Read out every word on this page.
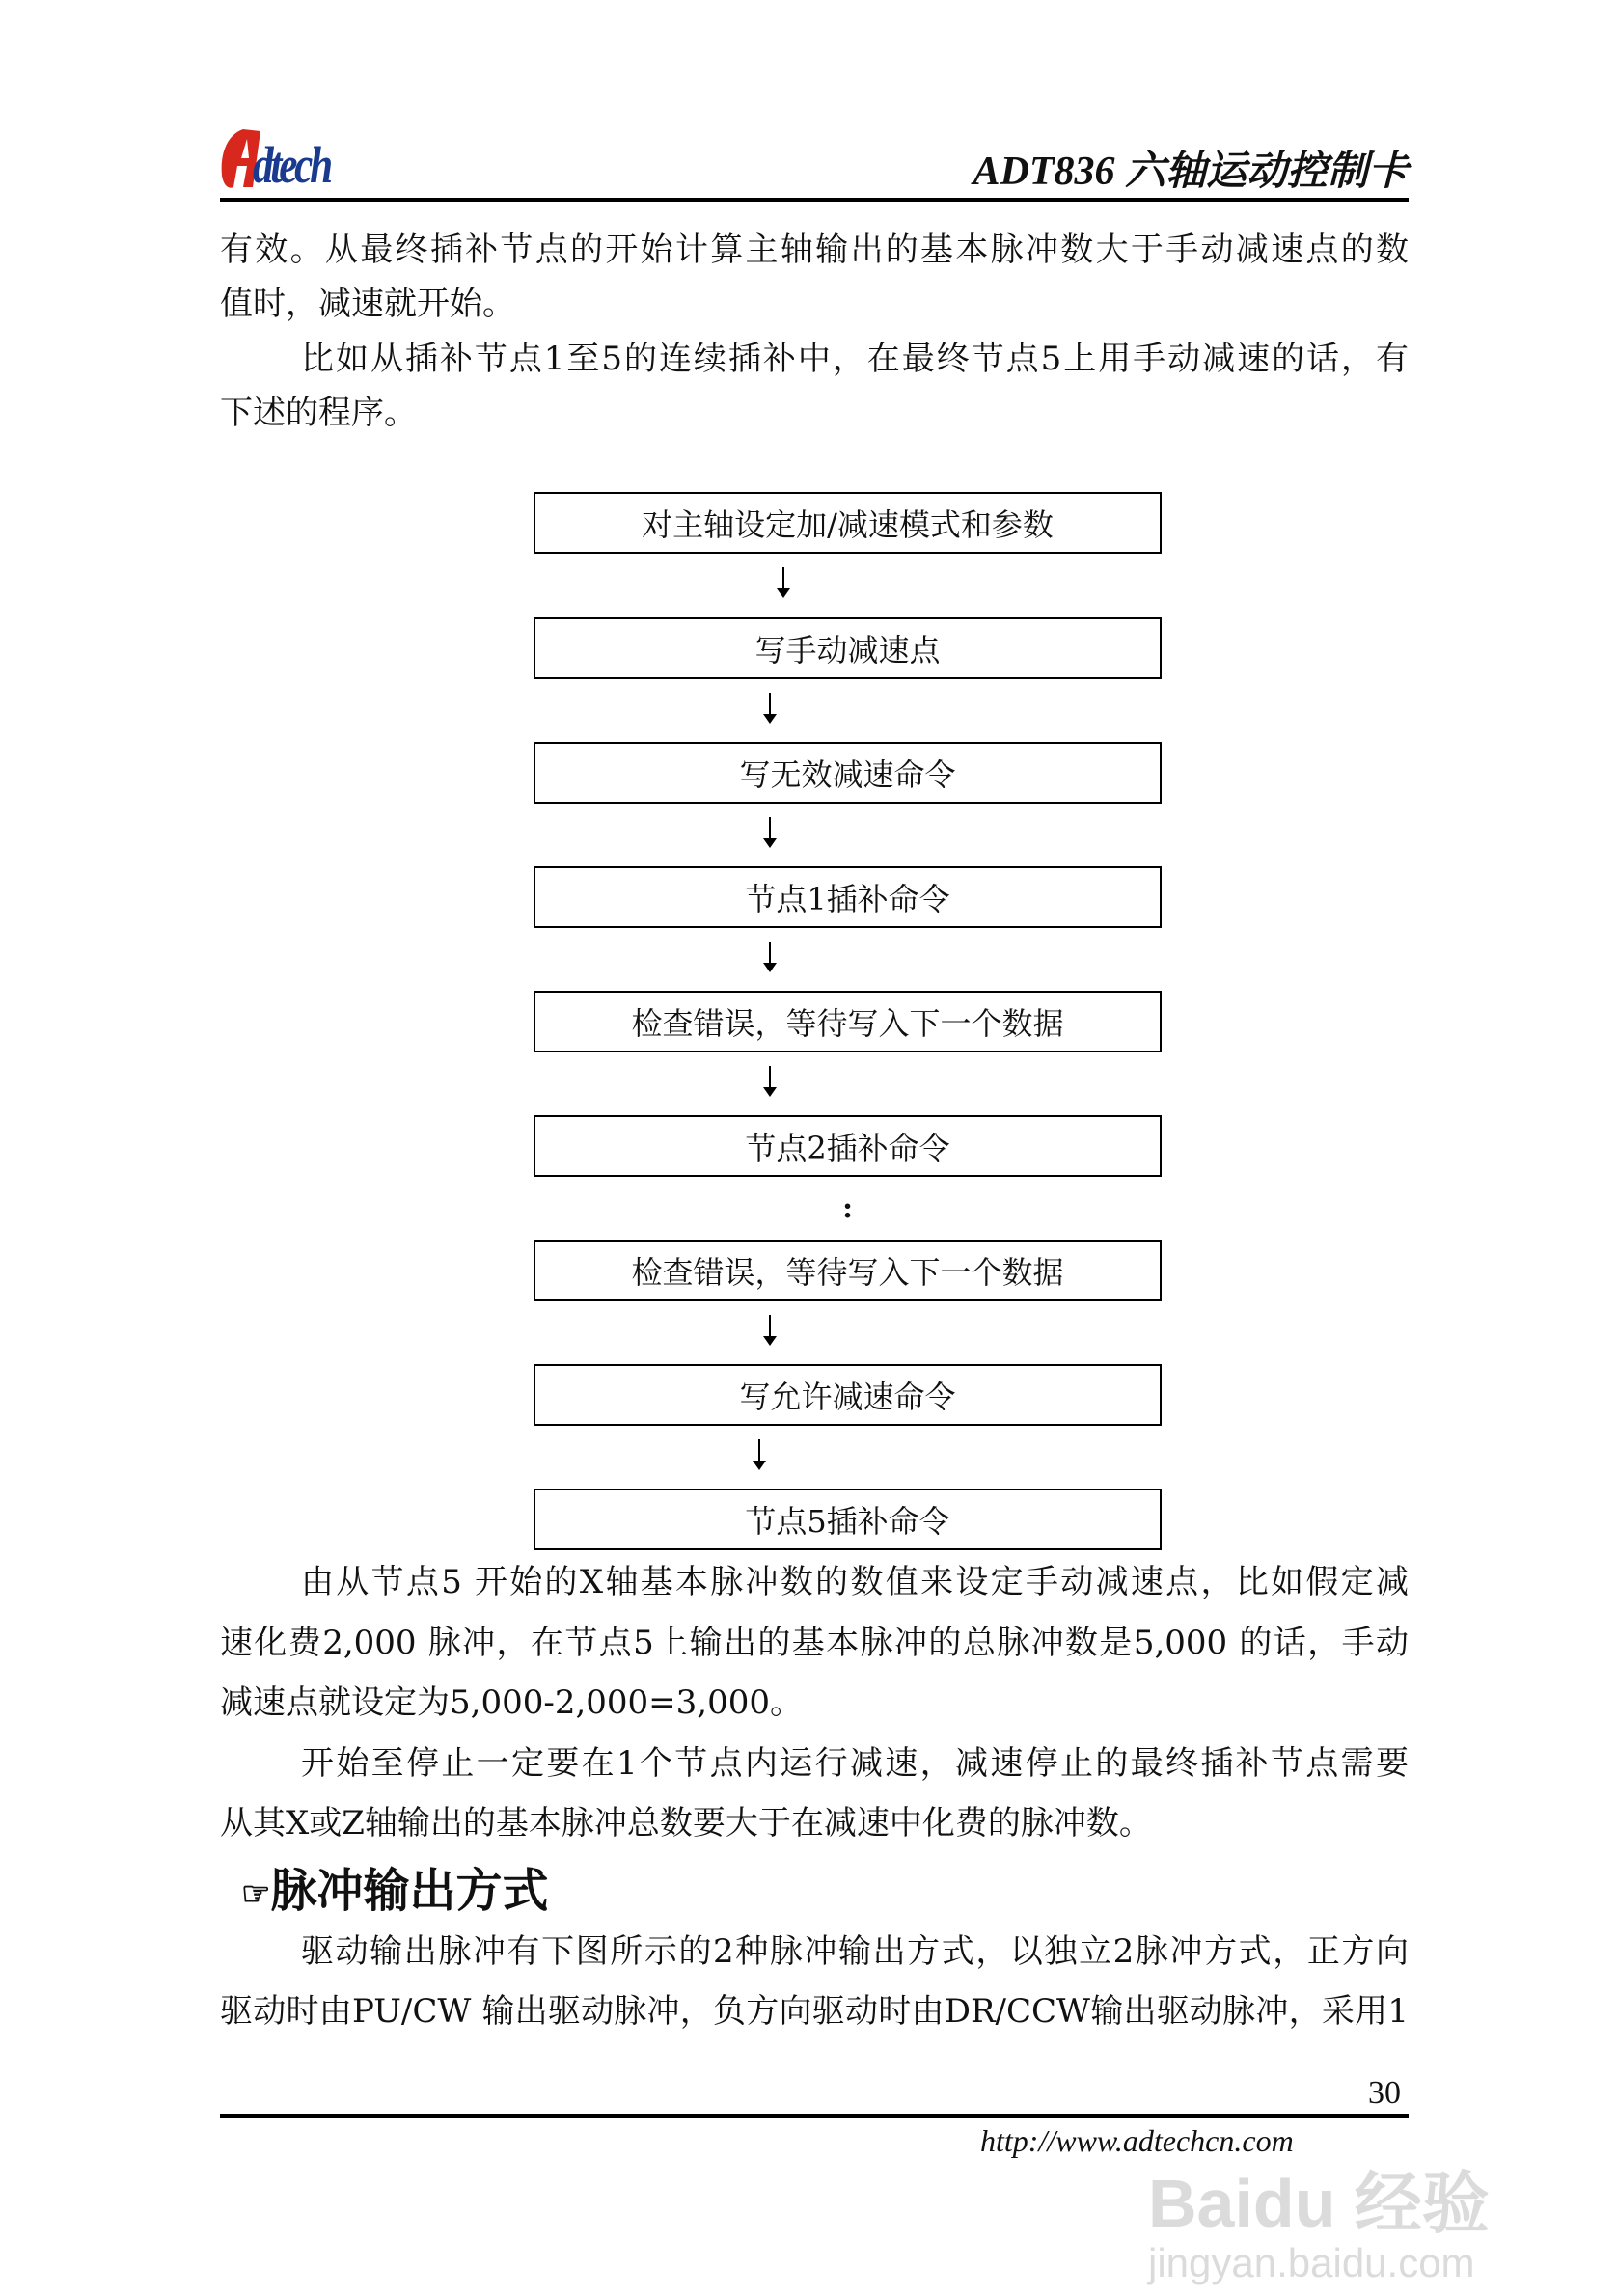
dtech	ADT836 六轴运动控制卡
有效。从最终插补节点的开始计算主轴输出的基本脉冲数大于手动减速点的数
值时，减速就开始。
比如从插补节点1至5的连续插补中，在最终节点5上用手动减速的话，有
下述的程序。
对主轴设定加/减速模式和参数
写手动减速点
写无效减速命令
节点1插补命令
检查错误，等待写入下一个数据
节点2插补命令
:
检查错误，等待写入下一个数据
写允许减速命令
节点5插补命令
由从节点5 开始的X轴基本脉冲数的数值来设定手动减速点，比如假定减
速化费2,000 脉冲，在节点5上输出的基本脉冲的总脉冲数是5,000 的话，手动
减速点就设定为5,000-2,000=3,000。
开始至停止一定要在1个节点内运行减速，减速停止的最终插补节点需要
从其X或Z轴输出的基本脉冲总数要大于在减速中化费的脉冲数。
☞脉冲输出方式
驱动输出脉冲有下图所示的2种脉冲输出方式，以独立2脉冲方式，正方向
驱动时由PU/CW 输出驱动脉冲，负方向驱动时由DR/CCW输出驱动脉冲，采用1
30
http://www.adtechcn.com
Baidu 经验
jingyan.baidu.com
